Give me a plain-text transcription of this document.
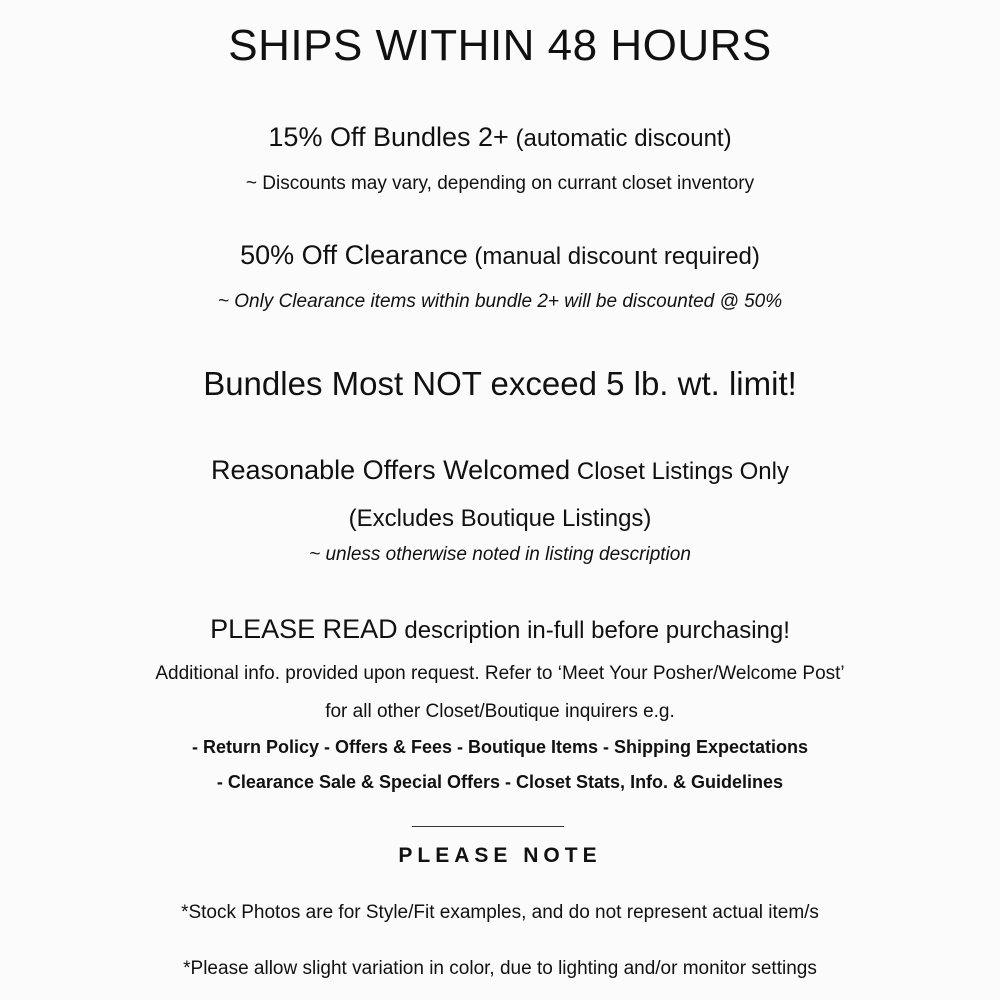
SHIPS WITHIN 48 HOURS
15% Off Bundles 2+ (automatic discount)
~ Discounts may vary, depending on currant closet inventory
50% Off Clearance (manual discount required)
~ Only Clearance items within bundle 2+ will be discounted @ 50%
Bundles Most NOT exceed 5 lb. wt. limit!
Reasonable Offers Welcomed Closet Listings Only
(Excludes Boutique Listings)
~ unless otherwise noted in listing description
PLEASE READ description in-full before purchasing!
Additional info. provided upon request. Refer to ‘Meet Your Posher/Welcome Post’
for all other Closet/Boutique inquirers e.g.
- Return Policy - Offers & Fees - Boutique Items - Shipping Expectations
- Clearance Sale & Special Offers - Closet Stats, Info. & Guidelines
PLEASE NOTE
*Stock Photos are for Style/Fit examples, and do not represent actual item/s
*Please allow slight variation in color, due to lighting and/or monitor settings
